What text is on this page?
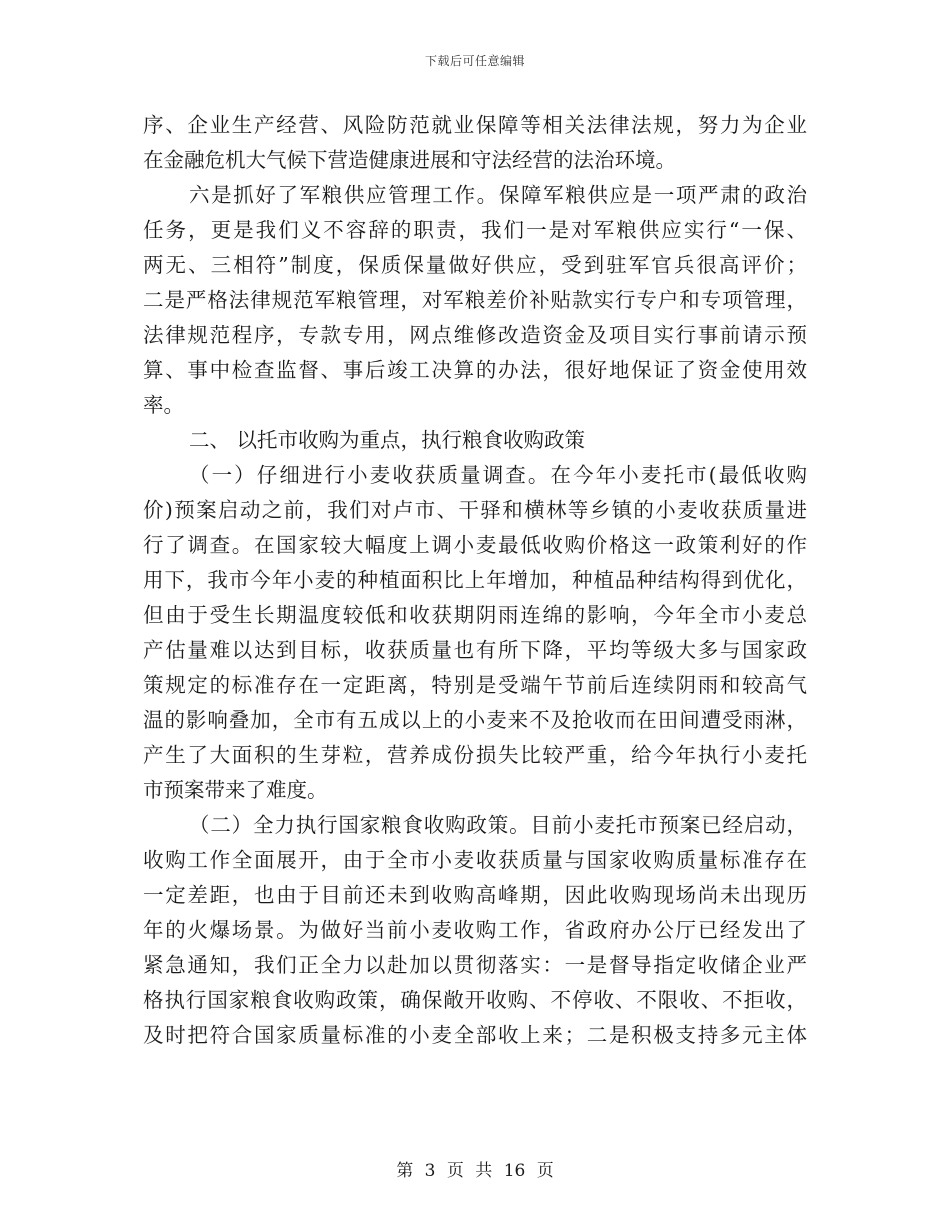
下载后可任意编辑
序、企业生产经营、风险防范就业保障等相关法律法规，努力为企业
在金融危机大气候下营造健康进展和守法经营的法治环境。
六是抓好了军粮供应管理工作。保障军粮供应是一项严肃的政治
任务，更是我们义不容辞的职责，我们一是对军粮供应实行“一保、
两无、三相符”制度，保质保量做好供应，受到驻军官兵很高评价；
二是严格法律规范军粮管理，对军粮差价补贴款实行专户和专项管理，
法律规范程序，专款专用，网点维修改造资金及项目实行事前请示预
算、事中检查监督、事后竣工决算的办法，很好地保证了资金使用效
率。
二、 以托市收购为重点，执行粮食收购政策
（一）仔细进行小麦收获质量调查。在今年小麦托市(最低收购
价)预案启动之前，我们对卢市、干驿和横林等乡镇的小麦收获质量进
行了调查。在国家较大幅度上调小麦最低收购价格这一政策利好的作
用下，我市今年小麦的种植面积比上年增加，种植品种结构得到优化，
但由于受生长期温度较低和收获期阴雨连绵的影响，今年全市小麦总
产估量难以达到目标，收获质量也有所下降，平均等级大多与国家政
策规定的标准存在一定距离，特别是受端午节前后连续阴雨和较高气
温的影响叠加，全市有五成以上的小麦来不及抢收而在田间遭受雨淋，
产生了大面积的生芽粒，营养成份损失比较严重，给今年执行小麦托
市预案带来了难度。
（二）全力执行国家粮食收购政策。目前小麦托市预案已经启动，
收购工作全面展开，由于全市小麦收获质量与国家收购质量标准存在
一定差距，也由于目前还未到收购高峰期，因此收购现场尚未出现历
年的火爆场景。为做好当前小麦收购工作，省政府办公厅已经发出了
紧急通知，我们正全力以赴加以贯彻落实：一是督导指定收储企业严
格执行国家粮食收购政策，确保敞开收购、不停收、不限收、不拒收，
及时把符合国家质量标准的小麦全部收上来；二是积极支持多元主体
第 3 页 共 16 页
